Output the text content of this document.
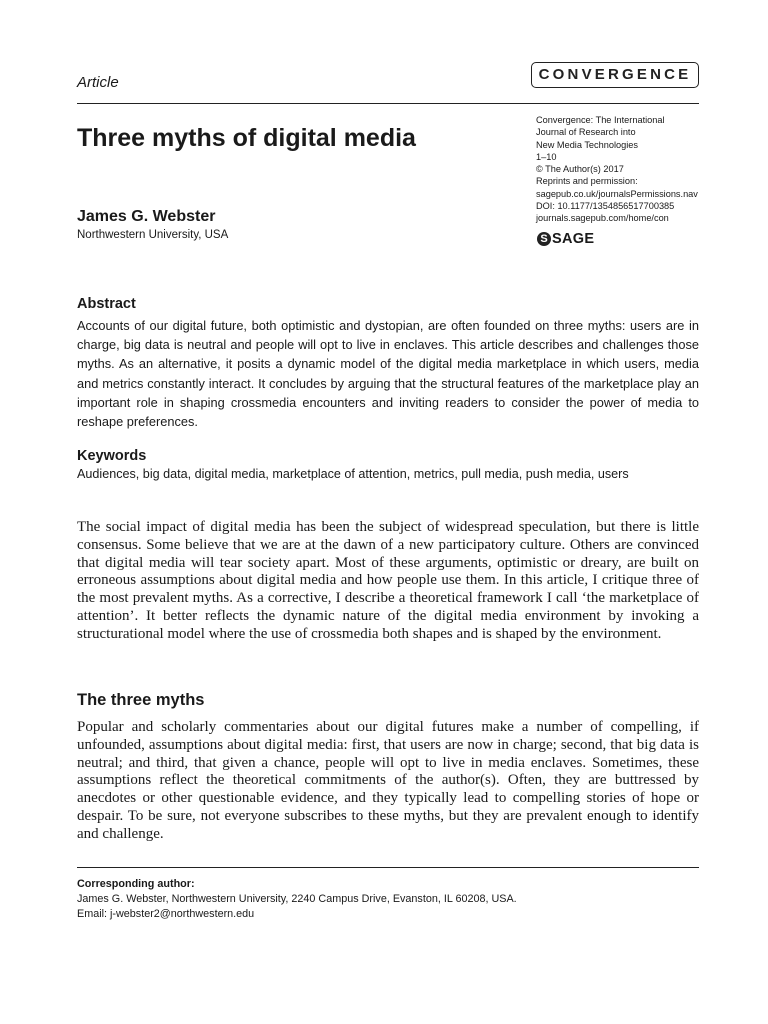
Article	CONVERGENCE
Three myths of digital media
James G. Webster
Northwestern University, USA
Convergence: The International
Journal of Research into
New Media Technologies
1–10
© The Author(s) 2017
Reprints and permission:
sagepub.co.uk/journalsPermissions.nav
DOI: 10.1177/1354856517700385
journals.sagepub.com/home/con
S SAGE
Abstract

Accounts of our digital future, both optimistic and dystopian, are often founded on three myths: users are in charge, big data is neutral and people will opt to live in enclaves. This article describes and challenges those myths. As an alternative, it posits a dynamic model of the digital media marketplace in which users, media and metrics constantly interact. It concludes by arguing that the structural features of the marketplace play an important role in shaping crossmedia encounters and inviting readers to consider the power of media to reshape preferences.

Keywords
Audiences, big data, digital media, marketplace of attention, metrics, pull media, push media, users

The social impact of digital media has been the subject of widespread speculation, but there is little consensus. Some believe that we are at the dawn of a new participatory culture. Others are convinced that digital media will tear society apart. Most of these arguments, optimistic or dreary, are built on erroneous assumptions about digital media and how people use them. In this article, I critique three of the most prevalent myths. As a corrective, I describe a theoretical framework I call ‘the marketplace of attention’. It better reflects the dynamic nature of the digital media environment by invoking a structurational model where the use of crossmedia both shapes and is shaped by the environment.

The three myths

Popular and scholarly commentaries about our digital futures make a number of compelling, if unfounded, assumptions about digital media: first, that users are now in charge; second, that big data is neutral; and third, that given a chance, people will opt to live in media enclaves. Sometimes, these assumptions reflect the theoretical commitments of the author(s). Often, they are buttressed by anecdotes or other questionable evidence, and they typically lead to compelling stories of hope or despair. To be sure, not everyone subscribes to these myths, but they are prevalent enough to identify and challenge.

Corresponding author:
James G. Webster, Northwestern University, 2240 Campus Drive, Evanston, IL 60208, USA.
Email: j-webster2@northwestern.edu
